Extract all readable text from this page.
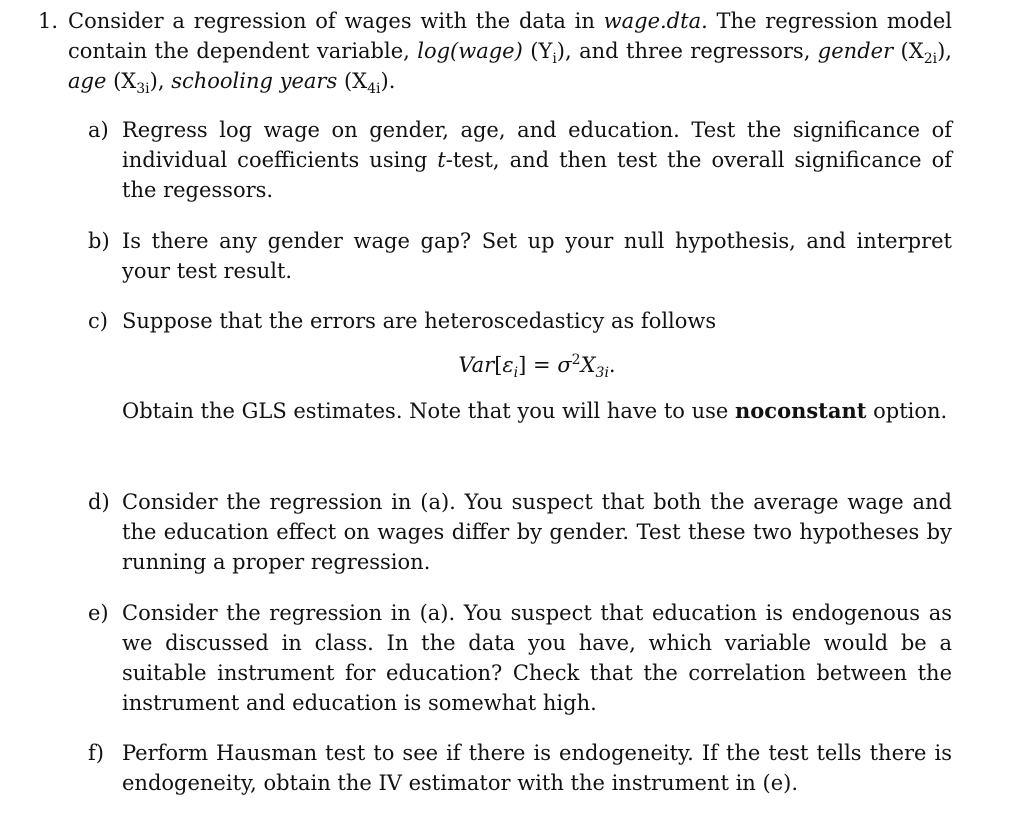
1. Consider a regression of wages with the data in wage.dta. The regression model contain the dependent variable, log(wage) $(Y_i)$, and three regressors, gender $(X_{2i})$, age $(X_{3i})$, schooling years $(X_{4i})$.
a) Regress log wage on gender, age, and education. Test the significance of individual coefficients using t-test, and then test the overall significance of the regessors.
b) Is there any gender wage gap? Set up your null hypothesis, and interpret your test result.
c) Suppose that the errors are heteroscedasticy as follows

$Var[\varepsilon_i] = \sigma^2X_{3i}$.

Obtain the GLS estimates. Note that you will have to use noconstant option.

d) Consider the regression in (a). You suspect that both the average wage and the education effect on wages differ by gender. Test these two hypotheses by running a proper regression.
e) Consider the regression in (a). You suspect that education is endogenous as we discussed in class. In the data you have, which variable would be a suitable instrument for education? Check that the correlation between the instrument and education is somewhat high.
f) Perform Hausman test to see if there is endogeneity. If the test tells there is endogeneity, obtain the IV estimator with the instrument in (e).
